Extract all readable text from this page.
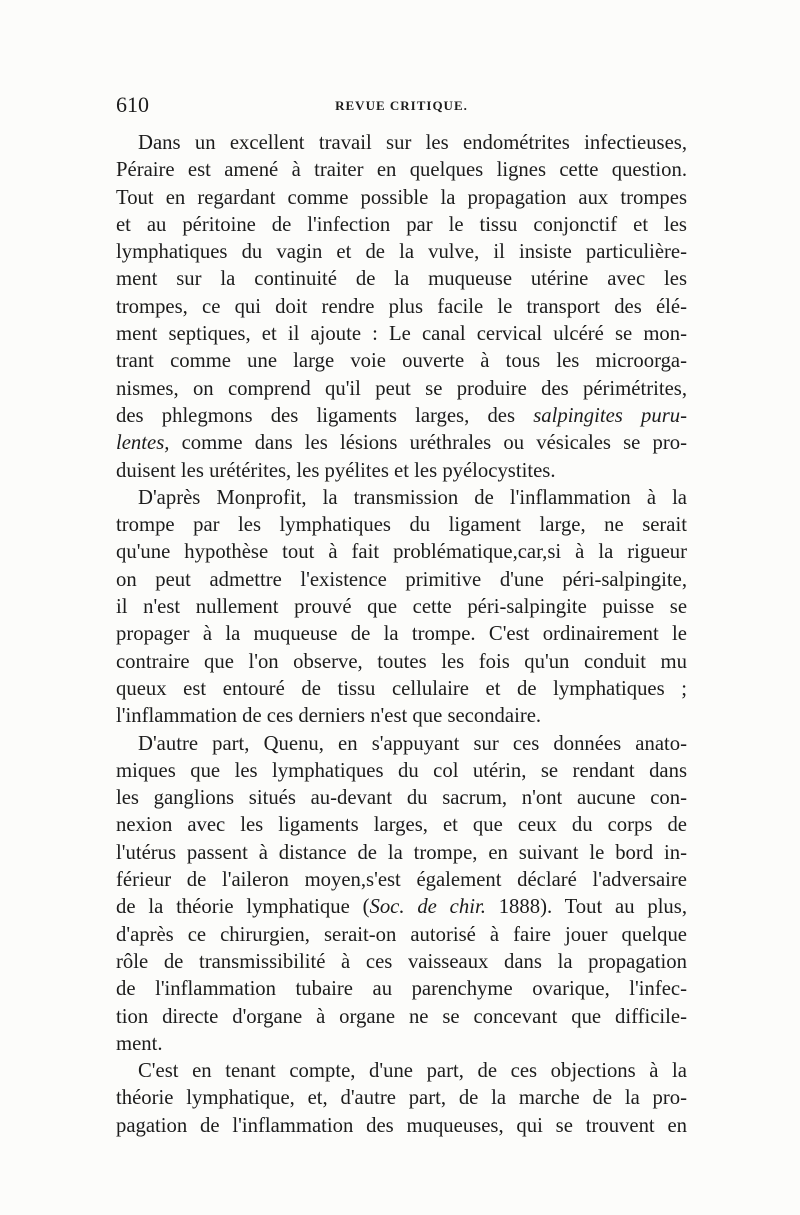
610	REVUE CRITIQUE.
Dans un excellent travail sur les endométrites infectieuses,
Péraire est amené à traiter en quelques lignes cette question.
Tout en regardant comme possible la propagation aux trompes
et au péritoine de l'infection par le tissu conjonctif et les
lymphatiques du vagin et de la vulve, il insiste particulière-
ment sur la continuité de la muqueuse utérine avec les
trompes, ce qui doit rendre plus facile le transport des élé-
ment septiques, et il ajoute : Le canal cervical ulcéré se mon-
trant comme une large voie ouverte à tous les microorga-
nismes, on comprend qu'il peut se produire des périmétrites,
des phlegmons des ligaments larges, des salpingites puru-
lentes, comme dans les lésions uréthrales ou vésicales se pro-
duisent les urétérites, les pyélites et les pyélocystites.
D'après Monprofit, la transmission de l'inflammation à la
trompe par les lymphatiques du ligament large, ne serait
qu'une hypothèse tout à fait problématique,car,si à la rigueur
on peut admettre l'existence primitive d'une péri-salpingite,
il n'est nullement prouvé que cette péri-salpingite puisse se
propager à la muqueuse de la trompe. C'est ordinairement le
contraire que l'on observe, toutes les fois qu'un conduit mu
queux est entouré de tissu cellulaire et de lymphatiques ;
l'inflammation de ces derniers n'est que secondaire.
D'autre part, Quenu, en s'appuyant sur ces données anato-
miques que les lymphatiques du col utérin, se rendant dans
les ganglions situés au-devant du sacrum, n'ont aucune con-
nexion avec les ligaments larges, et que ceux du corps de
l'utérus passent à distance de la trompe, en suivant le bord in-
férieur de l'aileron moyen,s'est également déclaré l'adversaire
de la théorie lymphatique (Soc. de chir. 1888). Tout au plus,
d'après ce chirurgien, serait-on autorisé à faire jouer quelque
rôle de transmissibilité à ces vaisseaux dans la propagation
de l'inflammation tubaire au parenchyme ovarique, l'infec-
tion directe d'organe à organe ne se concevant que difficile-
ment.
C'est en tenant compte, d'une part, de ces objections à la
théorie lymphatique, et, d'autre part, de la marche de la pro-
pagation de l'inflammation des muqueuses, qui se trouvent en
